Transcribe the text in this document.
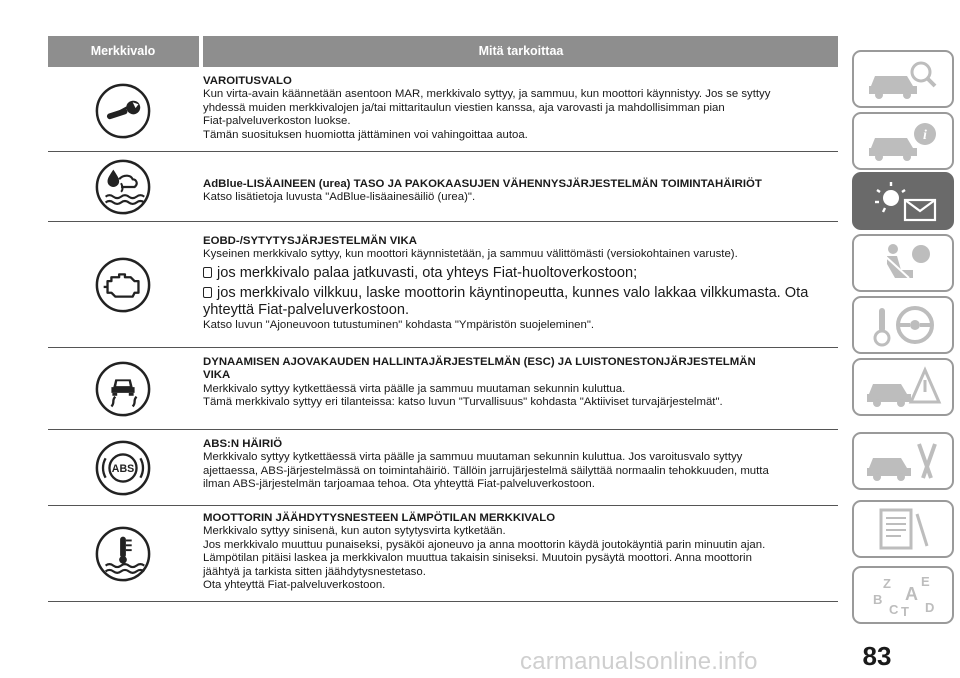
Merkkivalo	Mitä tarkoittaa
VAROITUSVALO
Kun virta-avain käännetään asentoon MAR, merkkivalo syttyy, ja sammuu, kun moottori käynnistyy. Jos se syttyy
yhdessä muiden merkkivalojen ja/tai mittaritaulun viestien kanssa, aja varovasti ja mahdollisimman pian
Fiat-palveluverkoston luokse.
Tämän suosituksen huomiotta jättäminen voi vahingoittaa autoa.
AdBlue-LISÄAINEEN (urea) TASO JA PAKOKAASUJEN VÄHENNYSJÄRJESTELMÄN TOIMINTAHÄIRIÖT
Katso lisätietoja luvusta "AdBlue-lisäainesäiliö (urea)".
EOBD-/SYTYTYSJÄRJESTELMÄN VIKA
Kyseinen merkkivalo syttyy, kun moottori käynnistetään, ja sammuu välittömästi (versiokohtainen varuste).
jos merkkivalo palaa jatkuvasti, ota yhteys Fiat-huoltoverkostoon;
jos merkkivalo vilkkuu, laske moottorin käyntinopeutta, kunnes valo lakkaa vilkkumasta. Ota
yhteyttä Fiat-palveluverkostoon.
Katso luvun "Ajoneuvoon tutustuminen" kohdasta "Ympäristön suojeleminen".
DYNAAMISEN AJOVAKAUDEN HALLINTAJÄRJESTELMÄN (ESC) JA LUISTONESTONJÄRJESTELMÄN
VIKA
Merkkivalo syttyy kytkettäessä virta päälle ja sammuu muutaman sekunnin kuluttua.
Tämä merkkivalo syttyy eri tilanteissa: katso luvun "Turvallisuus" kohdasta "Aktiiviset turvajärjestelmät".
ABS
ABS:N HÄIRIÖ
Merkkivalo syttyy kytkettäessä virta päälle ja sammuu muutaman sekunnin kuluttua. Jos varoitusvalo syttyy
ajettaessa, ABS-järjestelmässä on toimintahäiriö. Tällöin jarrujärjestelmä säilyttää normaalin tehokkuuden, mutta
ilman ABS-järjestelmän tarjoamaa tehoa. Ota yhteyttä Fiat-palveluverkostoon.
MOOTTORIN JÄÄHDYTYSNESTEEN LÄMPÖTILAN MERKKIVALO
Merkkivalo syttyy sinisenä, kun auton sytytysvirta kytketään.
Jos merkkivalo muuttuu punaiseksi, pysäköi ajoneuvo ja anna moottorin käydä joutokäyntiä parin minuutin ajan.
Lämpötilan pitäisi laskea ja merkkivalon muuttua takaisin siniseksi. Muutoin pysäytä moottori. Anna moottorin
jäähtyä ja tarkista sitten jäähdytysnestetaso.
Ota yhteyttä Fiat-palveluverkostoon.
i
Z E
A
B
C T D
83
carmanualsonline.info
